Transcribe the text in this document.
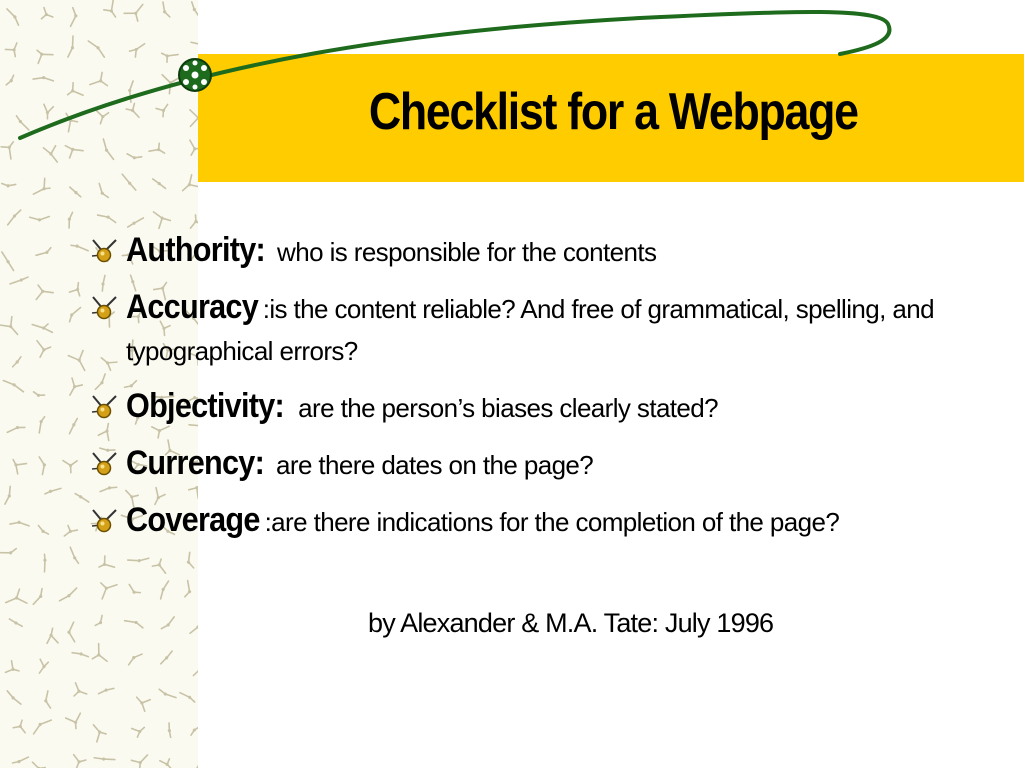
Checklist for a Webpage
Authority: who is responsible for the contents
Accuracy :is the content reliable? And free of grammatical, spelling, and typographical errors?
Objectivity: are the person’s biases clearly stated?
Currency: are there dates on the page?
Coverage :are there indications for the completion of the page?
by Alexander & M.A. Tate: July 1996
